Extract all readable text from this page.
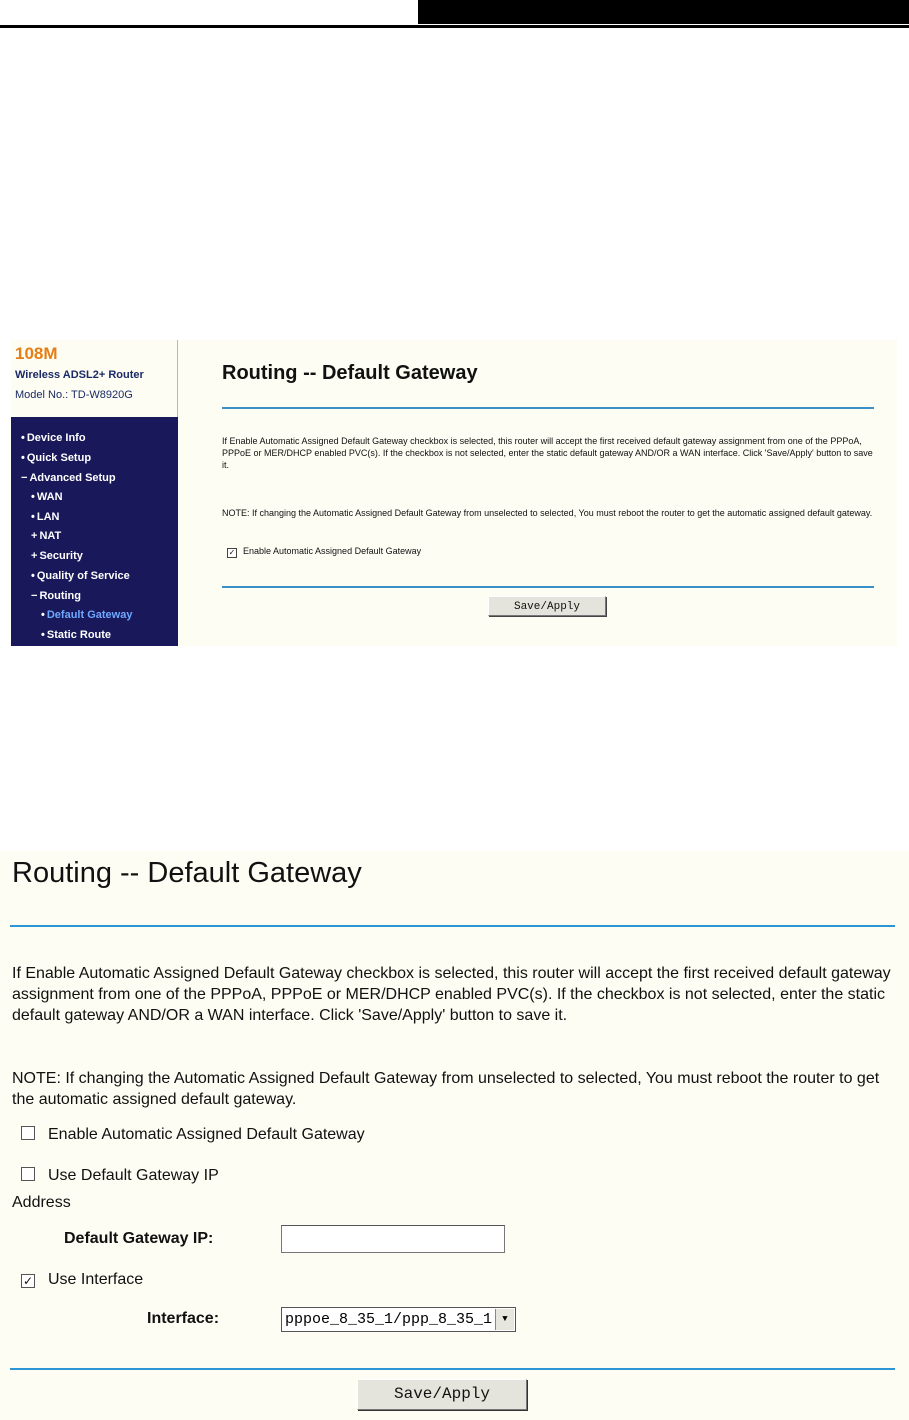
108M
Wireless ADSL2+ Router
Model No.: TD-W8920G
• Device Info
• Quick Setup
− Advanced Setup
• WAN
• LAN
+ NAT
+ Security
• Quality of Service
− Routing
• Default Gateway
• Static Route
Routing -- Default Gateway
If Enable Automatic Assigned Default Gateway checkbox is selected, this router will accept the first received default gateway assignment from one of the PPPoA, PPPoE or MER/DHCP enabled PVC(s). If the checkbox is not selected, enter the static default gateway AND/OR a WAN interface. Click 'Save/Apply' button to save it.
NOTE: If changing the Automatic Assigned Default Gateway from unselected to selected, You must reboot the router to get the automatic assigned default gateway.
✓ Enable Automatic Assigned Default Gateway
Save/Apply
Routing -- Default Gateway
If Enable Automatic Assigned Default Gateway checkbox is selected, this router will accept the first received default gateway assignment from one of the PPPoA, PPPoE or MER/DHCP enabled PVC(s). If the checkbox is not selected, enter the static default gateway AND/OR a WAN interface. Click 'Save/Apply' button to save it.
NOTE: If changing the Automatic Assigned Default Gateway from unselected to selected, You must reboot the router to get the automatic assigned default gateway.
Enable Automatic Assigned Default Gateway
Use Default Gateway IP
Address
Default Gateway IP:
✓ Use Interface
Interface:	pppoe_8_35_1/ppp_8_35_1	▼
Save/Apply
